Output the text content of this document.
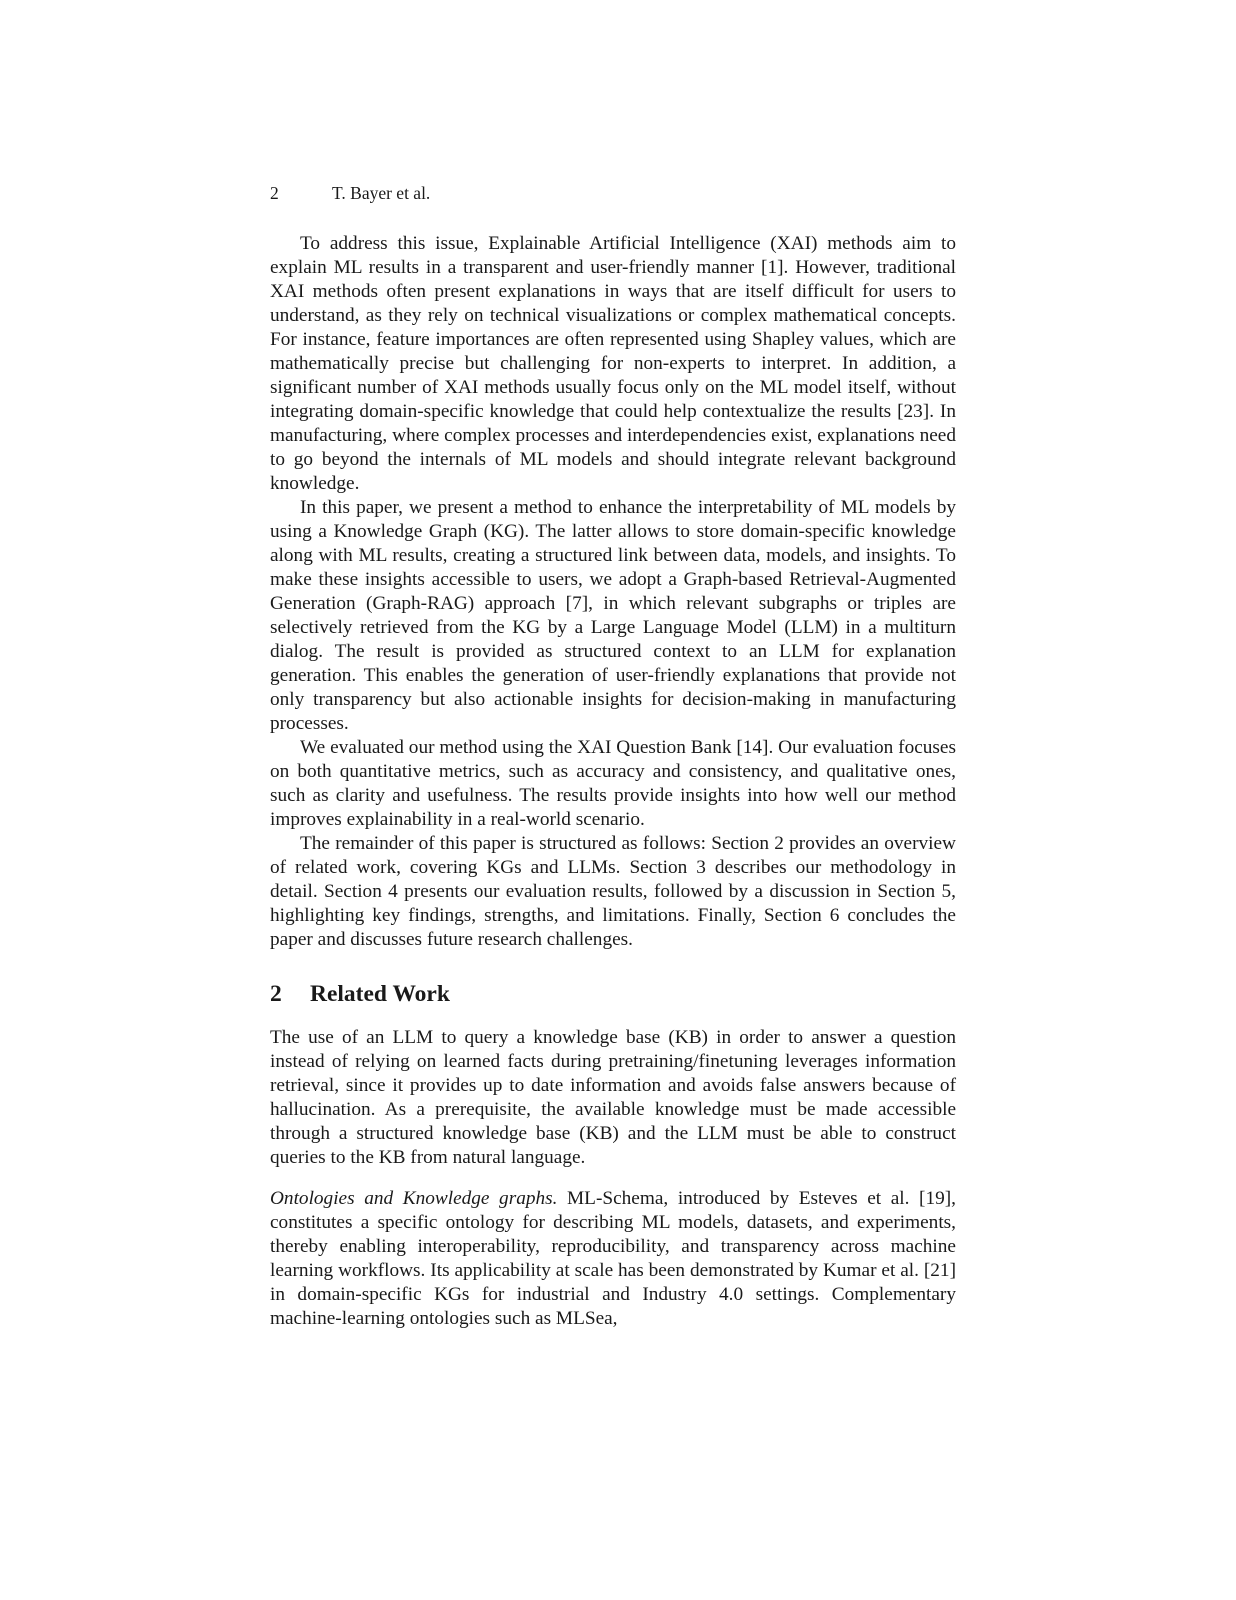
2	T. Bayer et al.

To address this issue, Explainable Artificial Intelligence (XAI) methods aim to explain ML results in a transparent and user-friendly manner [1]. However, traditional XAI methods often present explanations in ways that are itself difficult for users to understand, as they rely on technical visualizations or complex mathematical concepts. For instance, feature importances are often represented using Shapley values, which are mathematically precise but challenging for non-experts to interpret. In addition, a significant number of XAI methods usually focus only on the ML model itself, without integrating domain-specific knowledge that could help contextualize the results [23]. In manufacturing, where complex processes and interdependencies exist, explanations need to go beyond the internals of ML models and should integrate relevant background knowledge.

In this paper, we present a method to enhance the interpretability of ML models by using a Knowledge Graph (KG). The latter allows to store domain-specific knowledge along with ML results, creating a structured link between data, models, and insights. To make these insights accessible to users, we adopt a Graph-based Retrieval-Augmented Generation (Graph-RAG) approach [7], in which relevant subgraphs or triples are selectively retrieved from the KG by a Large Language Model (LLM) in a multiturn dialog. The result is provided as structured context to an LLM for explanation generation. This enables the generation of user-friendly explanations that provide not only transparency but also actionable insights for decision-making in manufacturing processes.

We evaluated our method using the XAI Question Bank [14]. Our evaluation focuses on both quantitative metrics, such as accuracy and consistency, and qualitative ones, such as clarity and usefulness. The results provide insights into how well our method improves explainability in a real-world scenario.

The remainder of this paper is structured as follows: Section 2 provides an overview of related work, covering KGs and LLMs. Section 3 describes our methodology in detail. Section 4 presents our evaluation results, followed by a discussion in Section 5, highlighting key findings, strengths, and limitations. Finally, Section 6 concludes the paper and discusses future research challenges.

2 Related Work

The use of an LLM to query a knowledge base (KB) in order to answer a question instead of relying on learned facts during pretraining/finetuning leverages information retrieval, since it provides up to date information and avoids false answers because of hallucination. As a prerequisite, the available knowledge must be made accessible through a structured knowledge base (KB) and the LLM must be able to construct queries to the KB from natural language.

Ontologies and Knowledge graphs. ML-Schema, introduced by Esteves et al. [19], constitutes a specific ontology for describing ML models, datasets, and experiments, thereby enabling interoperability, reproducibility, and transparency across machine learning workflows. Its applicability at scale has been demonstrated by Kumar et al. [21] in domain-specific KGs for industrial and Industry 4.0 settings. Complementary machine-learning ontologies such as MLSea,
